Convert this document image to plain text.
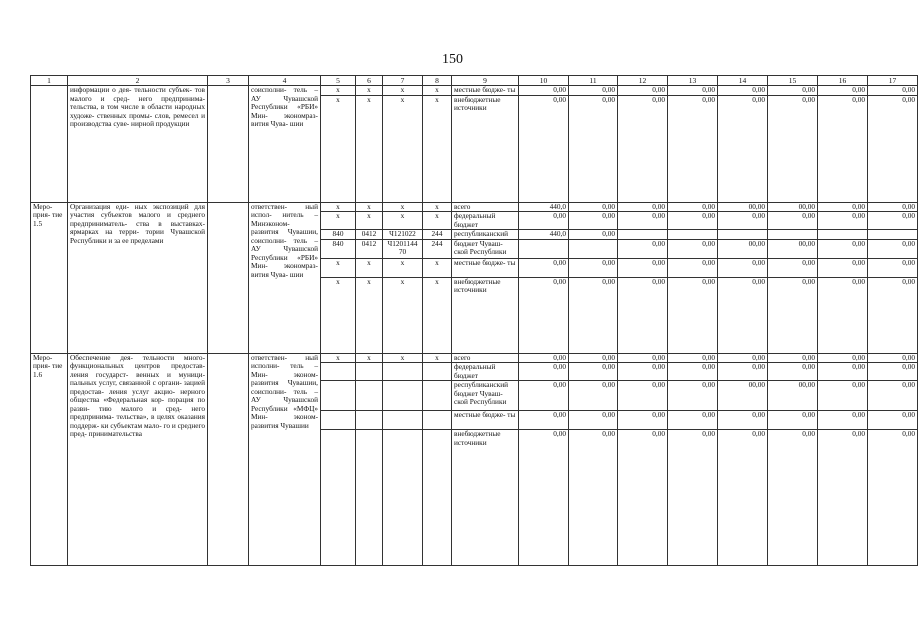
150
1	2	3	4	5	6	7	8	9	10	11	12	13	14	15	16	17
	информации о дея- тельности субъек- тов малого и сред- него предпринима- тельства, в том числе в области народных художе- ственных промы- слов, ремесел и производства суве- нирной продукции		соисполни- тель – АУ Чувашской Республики «РБИ» Мин- экономраз- вития Чува- шии	x	x	x	x	местные бюдже- ты	0,00	0,00	0,00	0,00	0,00	0,00	0,00	0,00
				x	x	x	x	внебюджетные источники	0,00	0,00	0,00	0,00	0,00	0,00	0,00	0,00
Меро- прия- тие 1.5	Организация еди- ных экспозиций для участия субъектов малого и среднего предприниматель- ства в выставках- ярмарках на терри- тории Чувашской Республики и за ее пределами		ответствен- ный испол- нитель – Минэконом- развития Чувашии, соисполни- тель – АУ Чувашской Республики «РБИ» Мин- экономраз- вития Чува- шии	x	x	x	x	всего	440,0	0,00	0,00	0,00	00,00	00,00	0,00	0,00
				x	x	x	x	федеральный бюджет	0,00	0,00	0,00	0,00	0,00	0,00	0,00	0,00
				840	0412	Ч121022	244	республиканский	440,0	0,00						
				840	0412	Ч1201144 70	244	бюджет Чуваш- ской Республики			0,00	0,00	00,00	00,00	0,00	0,00
				x	x	x	x	местные бюдже- ты	0,00	0,00	0,00	0,00	0,00	0,00	0,00	0,00
				x	x	x	x	внебюджетные источники	0,00	0,00	0,00	0,00	0,00	0,00	0,00	0,00
Меро- прия- тие 1.6	Обеспечение дея- тельности много- функциональных центров предостав- ления государст- венных и муници- пальных услуг, связанной с органи- зацией предостав- ления услуг акцио- нерного общества «Федеральная кор- порация по разви- тию малого и сред- него предпринима- тельства», в целях оказания поддерж- ки субъектам мало- го и среднего пред- принимательства		ответствен- ный исполни- тель – Мин- эконом- развития Чувашии, соисполни- тель – АУ Чувашской Республики «МФЦ» Мин- эконом- развития Чувашии	x	x	x	x	всего	0,00	0,00	0,00	0,00	0,00	0,00	0,00	0,00
								федеральный бюджет	0,00	0,00	0,00	0,00	0,00	0,00	0,00	0,00
								республиканский бюджет Чуваш- ской Республики	0,00	0,00	0,00	0,00	00,00	00,00	0,00	0,00
								местные бюдже- ты	0,00	0,00	0,00	0,00	0,00	0,00	0,00	0,00
								внебюджетные источники	0,00	0,00	0,00	0,00	0,00	0,00	0,00	0,00
